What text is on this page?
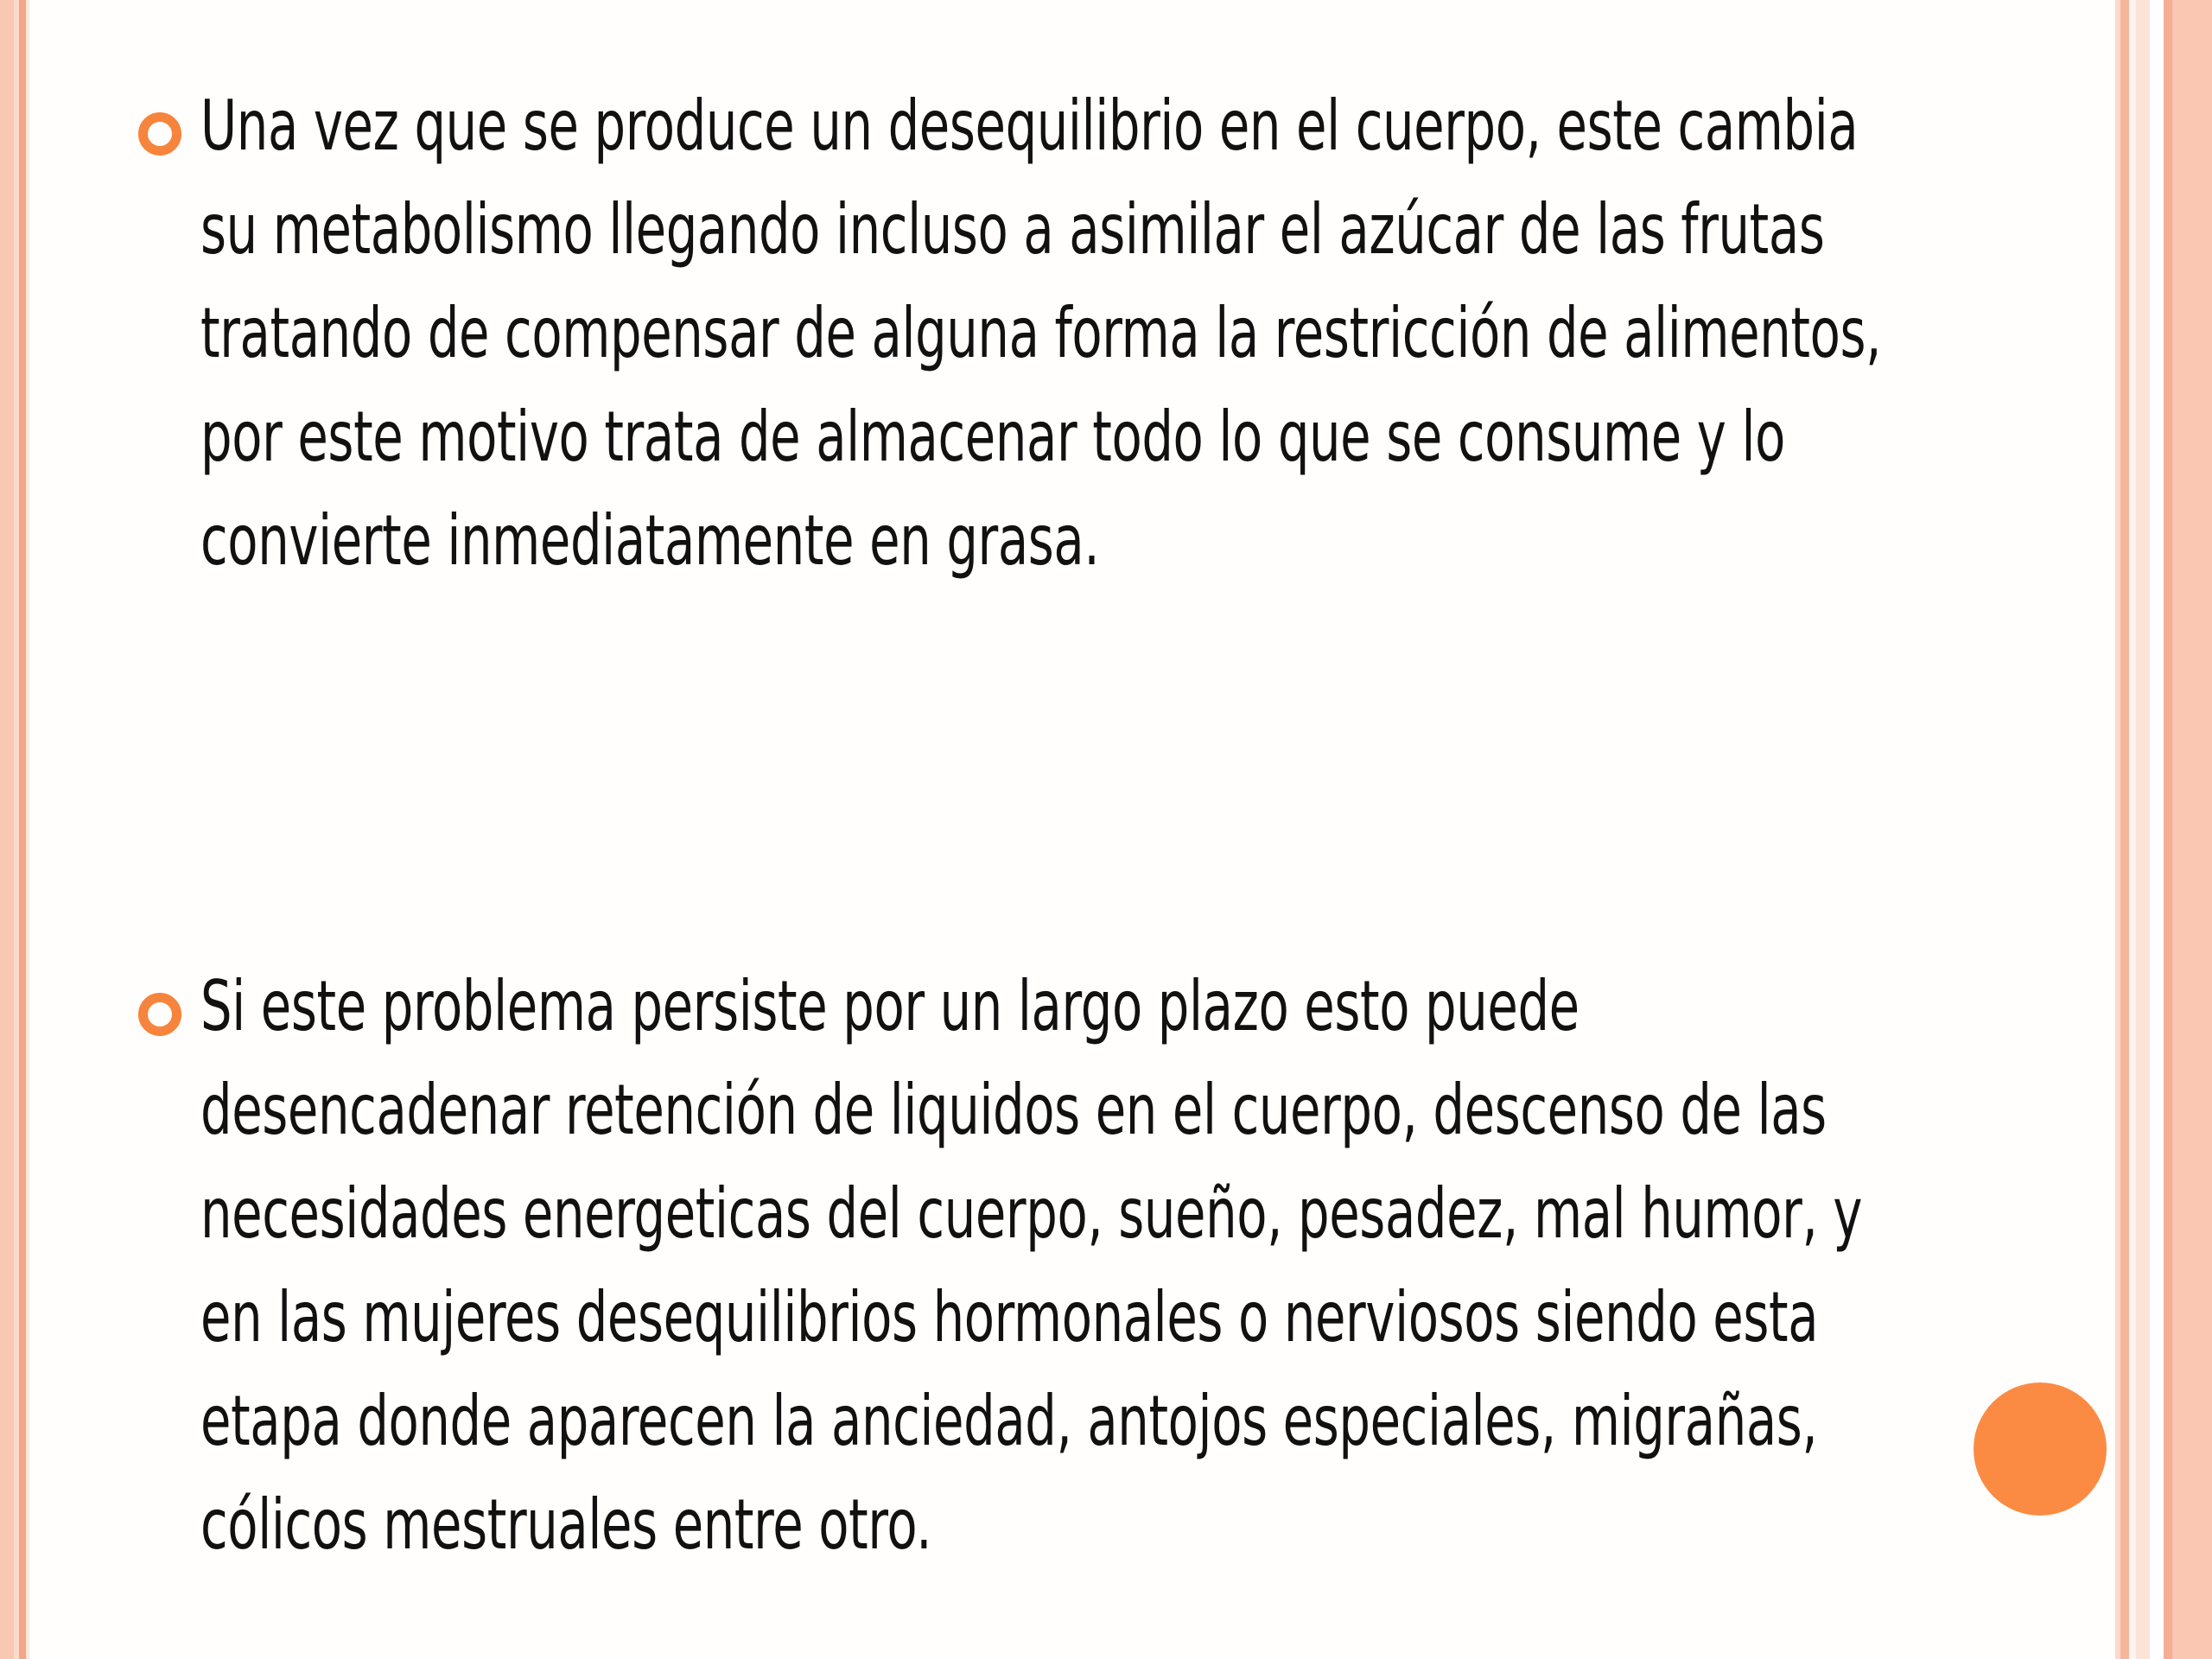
Una vez que se produce un desequilibrio en el cuerpo, este cambia su metabolismo llegando incluso a asimilar el azúcar de las frutas tratando de compensar de alguna forma la restricción de alimentos, por este motivo trata de almacenar todo lo que se consume y lo convierte inmediatamente en grasa.
Si este problema persiste por un largo plazo esto puede desencadenar retención de liquidos en el cuerpo, descenso de las necesidades energeticas del cuerpo, sueño, pesadez, mal humor, y en las mujeres desequilibrios hormonales o nerviosos siendo esta etapa donde aparecen la anciedad, antojos especiales, migrañas, cólicos mestruales entre otro.
